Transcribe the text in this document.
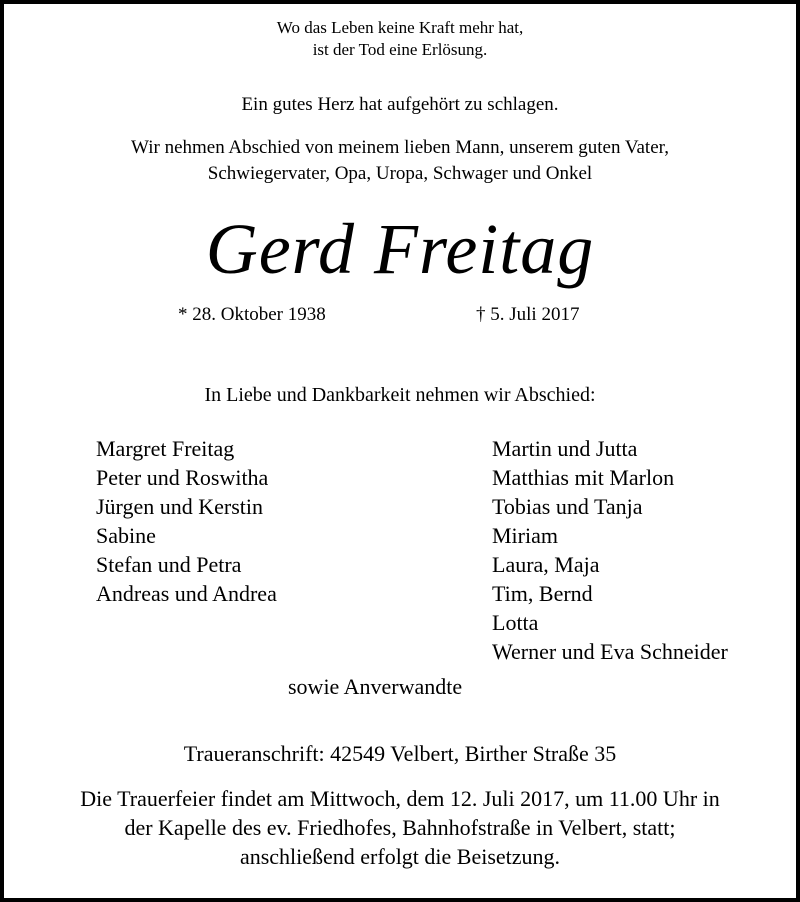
Wo das Leben keine Kraft mehr hat,
ist der Tod eine Erlösung.
Ein gutes Herz hat aufgehört zu schlagen.
Wir nehmen Abschied von meinem lieben Mann, unserem guten Vater,
Schwiegervater, Opa, Uropa, Schwager und Onkel
Gerd Freitag
* 28. Oktober 1938	† 5. Juli 2017
In Liebe und Dankbarkeit nehmen wir Abschied:
Margret Freitag
Peter und Roswitha
Jürgen und Kerstin
Sabine
Stefan und Petra
Andreas und Andrea
Martin und Jutta
Matthias mit Marlon
Tobias und Tanja
Miriam
Laura, Maja
Tim, Bernd
Lotta
Werner und Eva Schneider
sowie Anverwandte
Traueranschrift: 42549 Velbert, Birther Straße 35
Die Trauerfeier findet am Mittwoch, dem 12. Juli 2017, um 11.00 Uhr in
der Kapelle des ev. Friedhofes, Bahnhofstraße in Velbert, statt;
anschließend erfolgt die Beisetzung.
